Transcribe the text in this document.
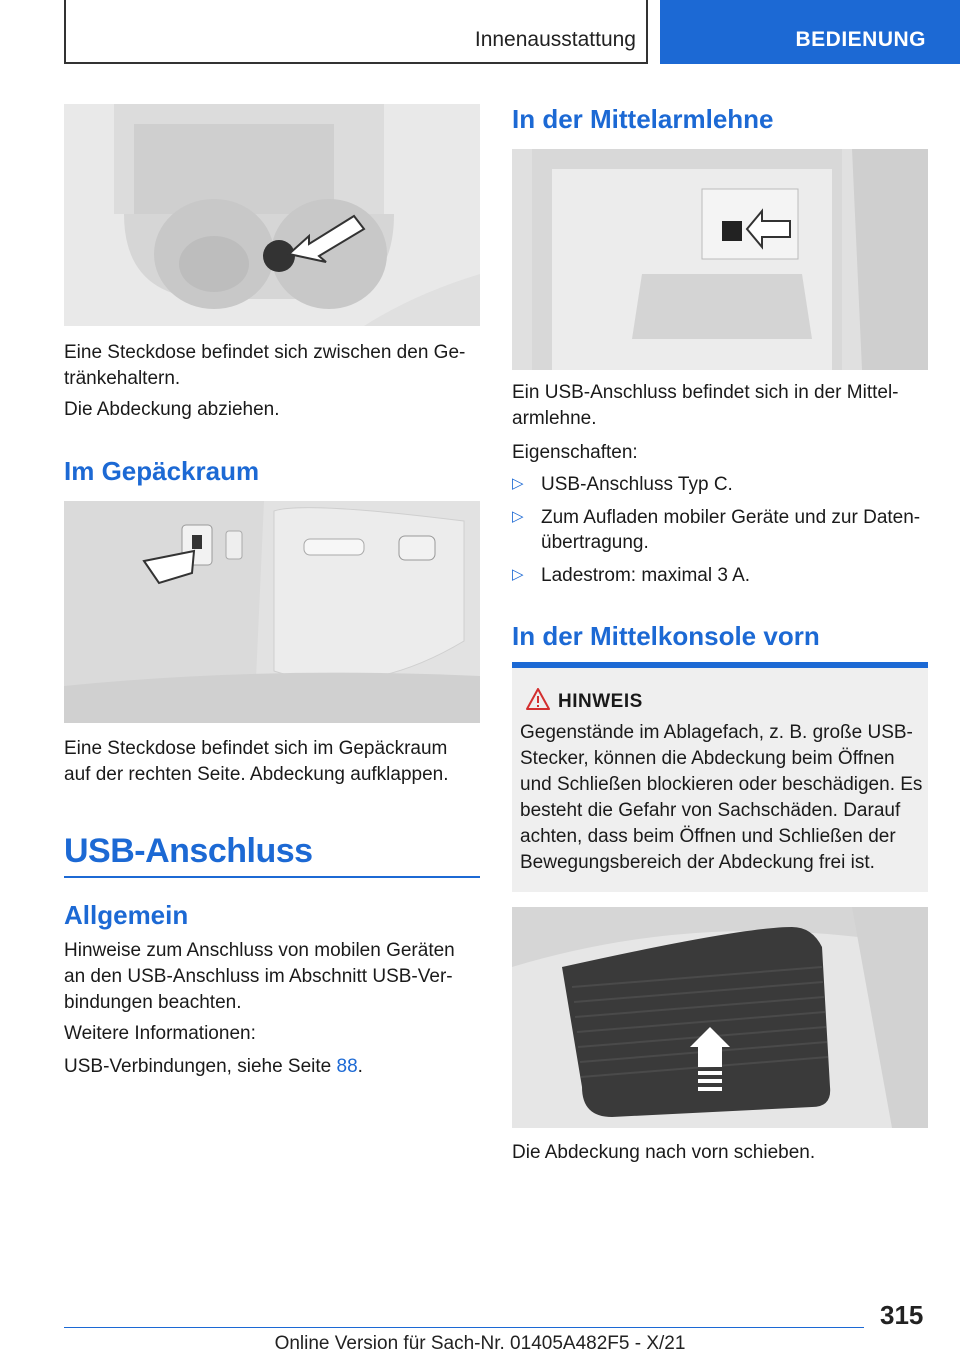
Innenausstattung	BEDIENUNG

Eine Steckdose befindet sich zwischen den Ge‐

tränkehaltern.

Die Abdeckung abziehen.

Im Gepäckraum

Eine Steckdose befindet sich im Gepäckraum

auf der rechten Seite. Abdeckung aufklappen.

USB-Anschluss
Allgemein

Hinweise zum Anschluss von mobilen Geräten

an den USB-Anschluss im Abschnitt USB-Ver‐

bindungen beachten.

Weitere Informationen:

USB-Verbindungen, siehe Seite 88.

In der Mittelarmlehne

Ein USB-Anschluss befindet sich in der Mittel‐

armlehne.

Eigenschaften:

▷ USB-Anschluss Typ C.

▷ Zum Aufladen mobiler Geräte und zur Daten‐

übertragung.

▷ Ladestrom: maximal 3 A.

In der Mittelkonsole vorn
HINWEIS

Gegenstände im Ablagefach, z. B. große USB-

Stecker, können die Abdeckung beim Öffnen

und Schließen blockieren oder beschädigen. Es

besteht die Gefahr von Sachschäden. Darauf

achten, dass beim Öffnen und Schließen der

Bewegungsbereich der Abdeckung frei ist.

Die Abdeckung nach vorn schieben.

315
Online Version für Sach-Nr. 01405A482F5 - X/21
